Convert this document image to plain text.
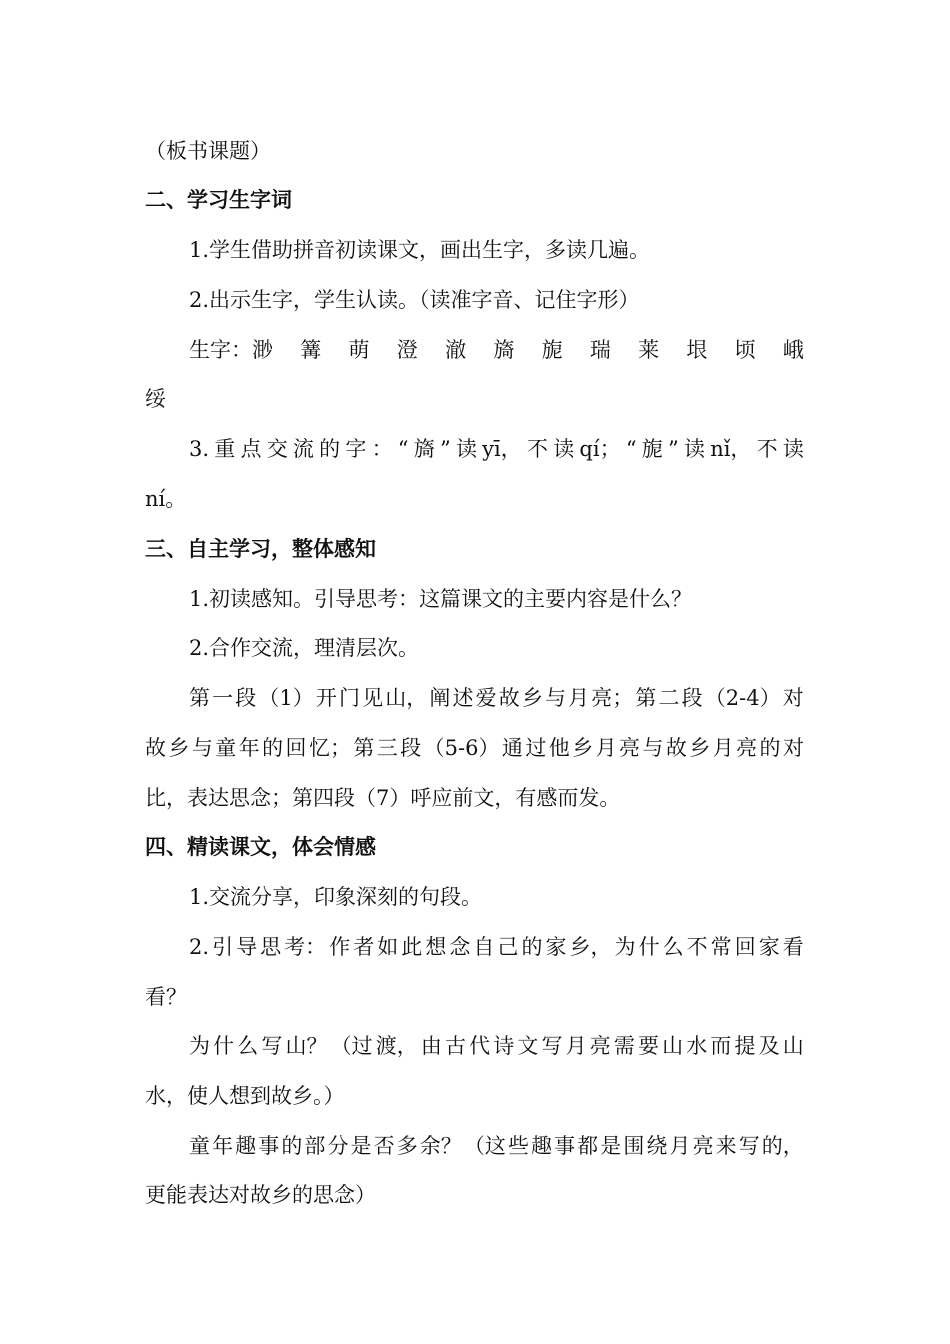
（板书课题）
二、学习生字词
1.学生借助拼音初读课文，画出生字，多读几遍。
2.出示生字，学生认读。（读准字音、记住字形）
生字：渺 篝 萌 澄 澈 旖 旎 瑞 莱 垠 顷 峨
绥
3. 重 点 交 流 的 字 ： “ 旖 ” 读 yī， 不 读 qí； “ 旎 ” 读 nǐ， 不 读
ní。
三、自主学习，整体感知
1.初读感知。引导思考：这篇课文的主要内容是什么？
2.合作交流，理清层次。
第 一 段 （1） 开 门 见 山， 阐 述 爱 故 乡 与 月 亮； 第 二 段 （2-4） 对
故 乡 与 童 年 的 回 忆； 第 三 段 （5-6） 通 过 他 乡 月 亮 与 故 乡 月 亮 的 对
比，表达思念；第四段（7）呼应前文，有感而发。
四、精读课文，体会情感
1.交流分享，印象深刻的句段。
2. 引 导 思 考： 作 者 如 此 想 念 自 己 的 家 乡， 为 什 么 不 常 回 家 看
看？
为 什 么 写 山？ （过 渡， 由 古 代 诗 文 写 月 亮 需 要 山 水 而 提 及 山
水，使人想到故乡。）
童 年 趣 事 的 部 分 是 否 多 余？ （这 些 趣 事 都 是 围 绕 月 亮 来 写 的，
更能表达对故乡的思念）
